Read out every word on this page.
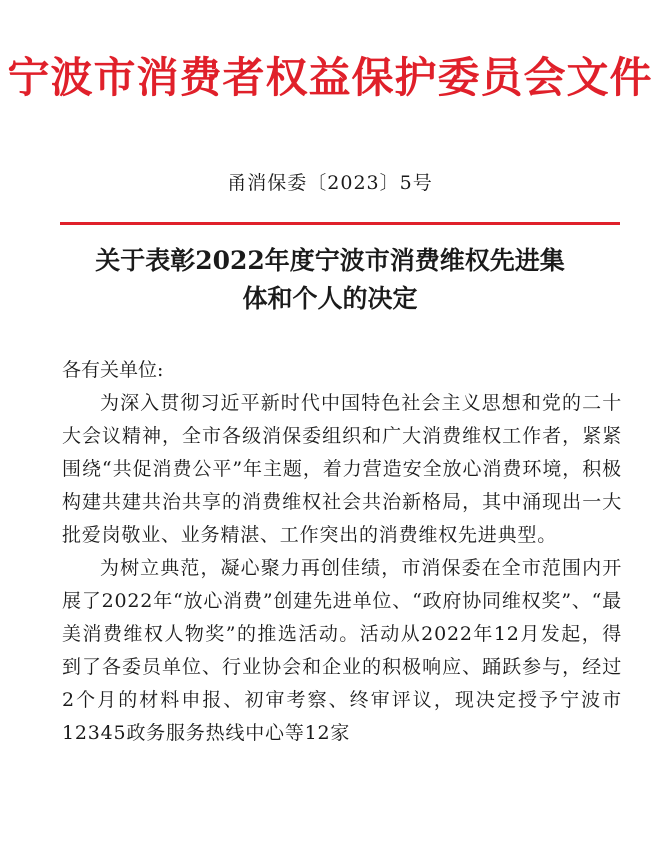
宁波市消费者权益保护委员会文件
甬消保委〔2023〕5号
关于表彰2022年度宁波市消费维权先进集
体和个人的决定

各有关单位:

为深入贯彻习近平新时代中国特色社会主义思想和党的二十大会议精神，全市各级消保委组织和广大消费维权工作者，紧紧围绕“共促消费公平”年主题，着力营造安全放心消费环境，积极构建共建共治共享的消费维权社会共治新格局，其中涌现出一大批爱岗敬业、业务精湛、工作突出的消费维权先进典型。

为树立典范，凝心聚力再创佳绩，市消保委在全市范围内开展了2022年“放心消费”创建先进单位、“政府协同维权奖”、“最美消费维权人物奖”的推选活动。活动从2022年12月发起，得到了各委员单位、行业协会和企业的积极响应、踊跃参与，经过2个月的材料申报、初审考察、终审评议，现决定授予宁波市12345政务服务热线中心等12家
